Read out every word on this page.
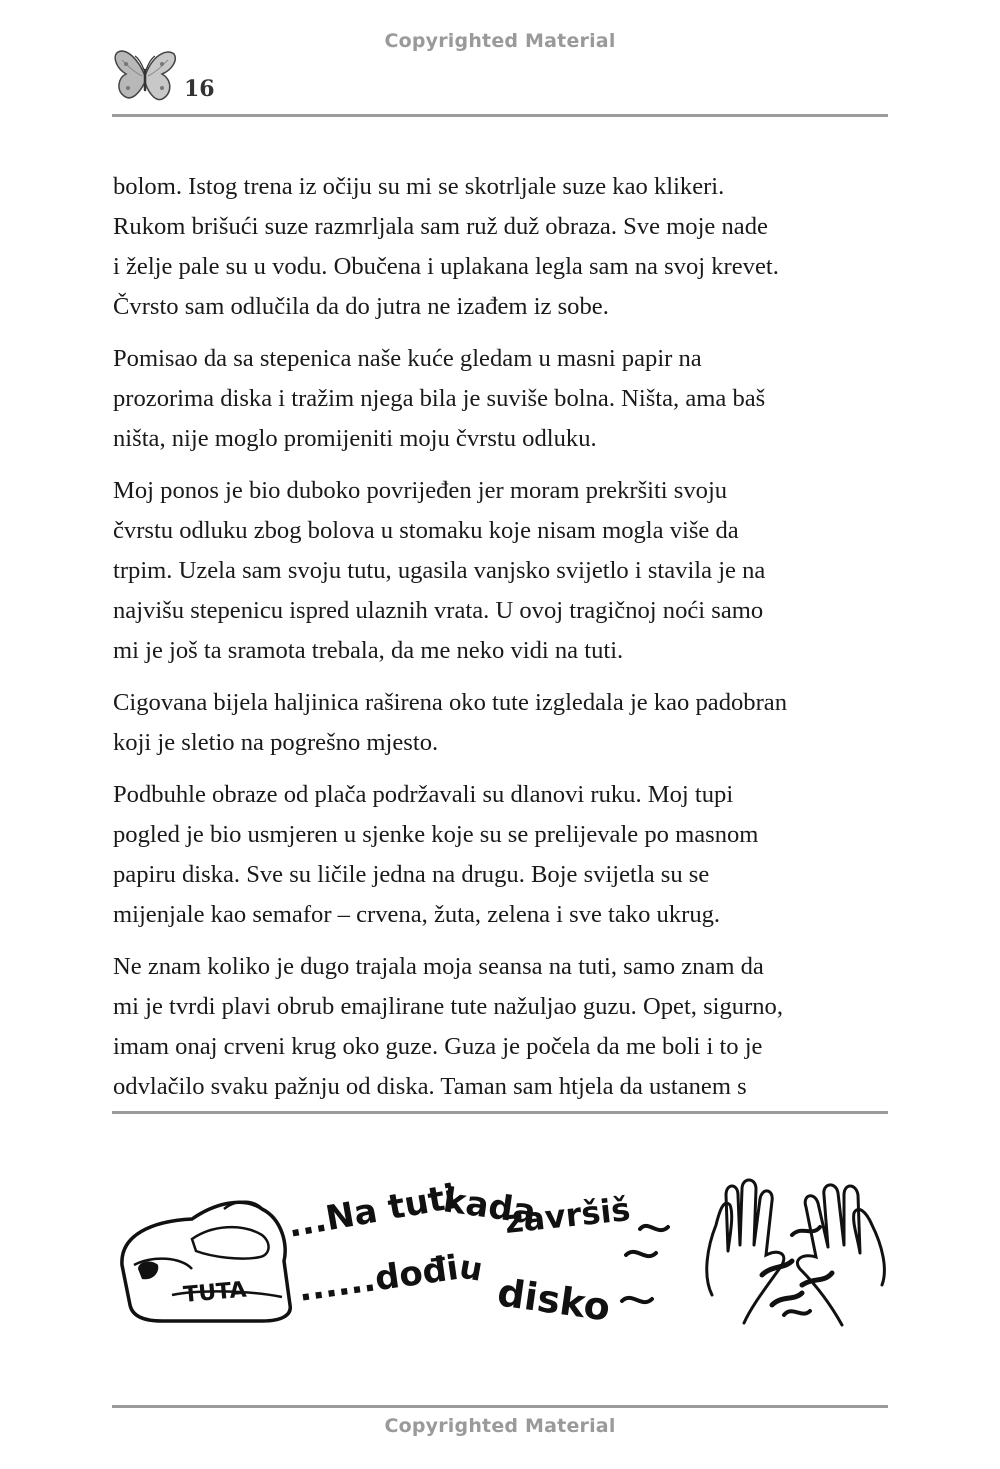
Copyrighted Material
16

bolom. Istog trena iz očiju su mi se skotrljale suze kao klikeri.
Rukom brišući suze razmrljala sam ruž duž obraza. Sve moje nade
i želje pale su u vodu. Obučena i uplakana legla sam na svoj krevet.
Čvrsto sam odlučila da do jutra ne izađem iz sobe.

Pomisao da sa stepenica naše kuće gledam u masni papir na
prozorima diska i tražim njega bila je suviše bolna. Ništa, ama baš
ništa, nije moglo promijeniti moju čvrstu odluku.

Moj ponos je bio duboko povrijeđen jer moram prekršiti svoju
čvrstu odluku zbog bolova u stomaku koje nisam mogla više da
trpim. Uzela sam svoju tutu, ugasila vanjsko svijetlo i stavila je na
najvišu stepenicu ispred ulaznih vrata. U ovoj tragičnoj noći samo
mi je još ta sramota trebala, da me neko vidi na tuti.

Cigovana bijela haljinica raširena oko tute izgledala je kao padobran
koji je sletio na pogrešno mjesto.

Podbuhle obraze od plača podržavali su dlanovi ruku. Moj tupi
pogled je bio usmjeren u sjenke koje su se prelijevale po masnom
papiru diska. Sve su ličile jedna na drugu. Boje svijetla su se
mijenjale kao semafor – crvena, žuta, zelena i sve tako ukrug.

Ne znam koliko je dugo trajala moja seansa na tuti, samo znam da
mi je tvrdi plavi obrub emajlirane tute nažuljao guzu. Opet, sigurno,
imam onaj crveni krug oko guze. Guza je počela da me boli i to je
odvlačilo svaku pažnju od diska. Taman sam htjela da ustanem s

TUTA
...Na tuti
kada
završiš
......dođi
u
disko
Copyrighted Material
